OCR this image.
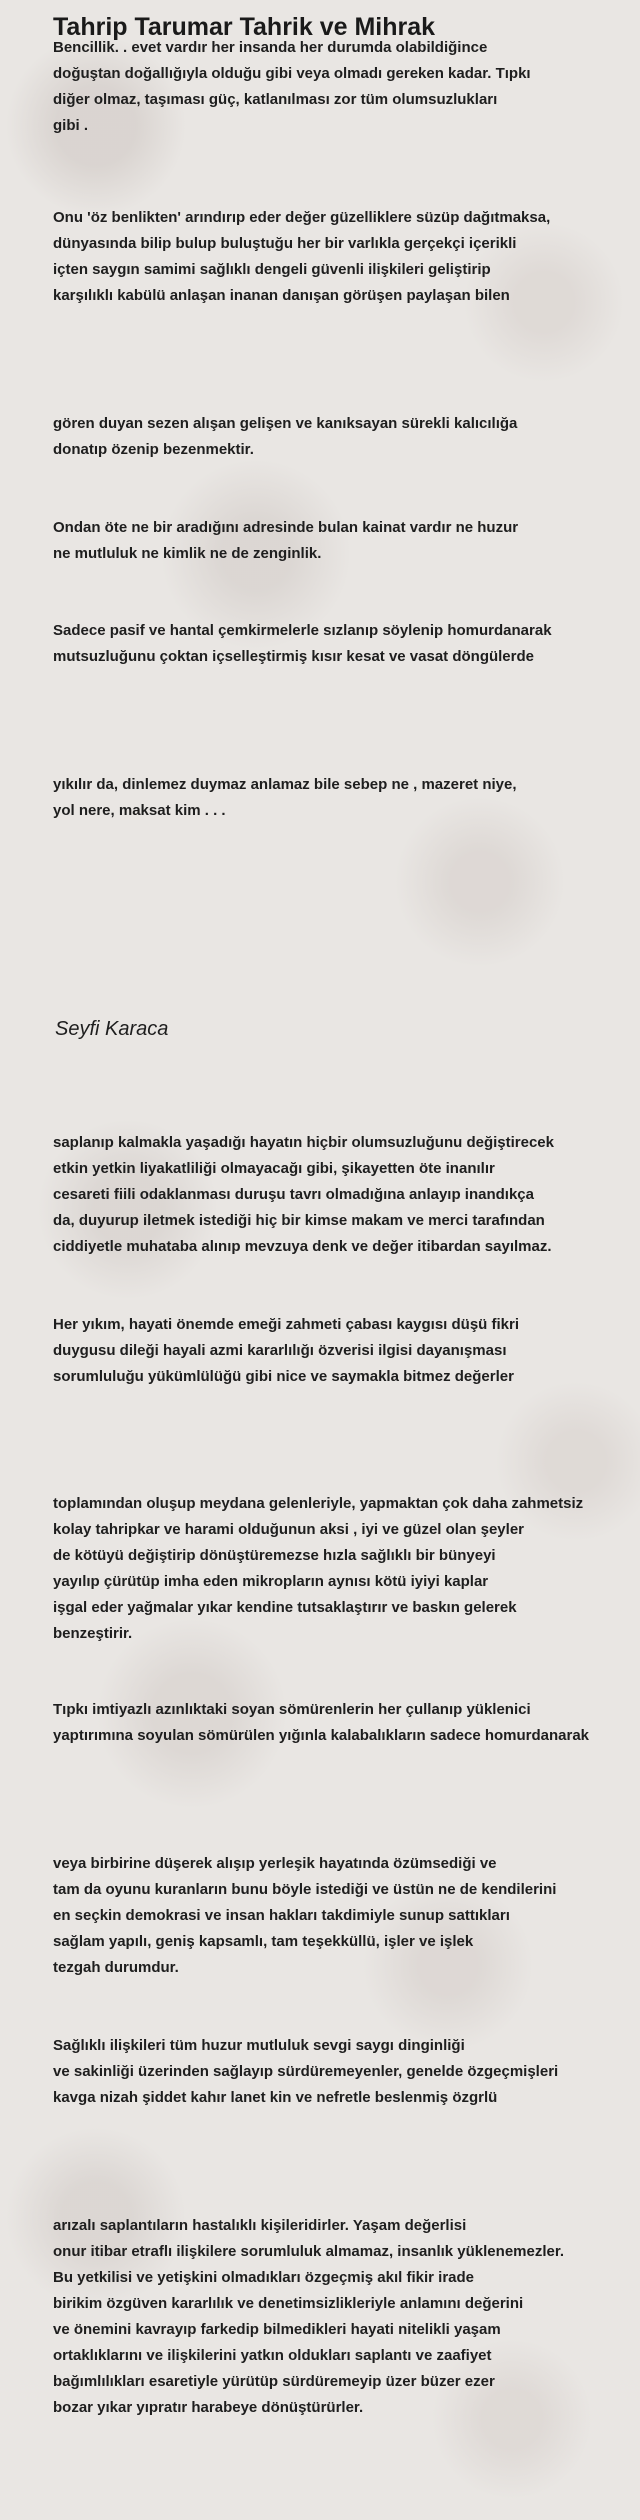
Tahrip Tarumar Tahrik ve Mihrak

Bencillik. . evet vardır her insanda her durumda olabildiğince
doğuştan doğallığıyla olduğu gibi veya olmadı gereken kadar. Tıpkı
diğer olmaz, taşıması güç, katlanılması zor tüm olumsuzlukları
gibi .

Onu 'öz benlikten' arındırıp eder değer güzelliklere süzüp dağıtmaksa,
dünyasında bilip bulup buluştuğu her bir varlıkla gerçekçi içerikli
içten saygın samimi sağlıklı dengeli güvenli ilişkileri geliştirip
karşılıklı kabülü anlaşan inanan danışan görüşen paylaşan bilen

gören duyan sezen alışan gelişen ve kanıksayan sürekli kalıcılığa
donatıp özenip bezenmektir.

Ondan öte ne bir aradığını adresinde bulan kainat vardır ne huzur
ne mutluluk ne kimlik ne de zenginlik.

Sadece pasif ve hantal çemkirmelerle sızlanıp söylenip homurdanarak
mutsuzluğunu çoktan içselleştirmiş kısır kesat ve vasat döngülerde

yıkılır da, dinlemez duymaz anlamaz bile sebep ne , mazeret niye,
yol nere, maksat kim . . .

Seyfi Karaca

saplanıp kalmakla yaşadığı hayatın hiçbir olumsuzluğunu değiştirecek
etkin yetkin liyakatliliği olmayacağı gibi, şikayetten öte inanılır
cesareti fiili odaklanması duruşu tavrı olmadığına anlayıp inandıkça
da, duyurup iletmek istediği hiç bir kimse makam ve merci tarafından
ciddiyetle muhataba alınıp mevzuya denk ve değer itibardan sayılmaz.

Her yıkım, hayati önemde emeği zahmeti çabası kaygısı düşü fikri
duygusu dileği hayali azmi kararlılığı özverisi ilgisi dayanışması
sorumluluğu yükümlülüğü gibi nice ve saymakla bitmez değerler

toplamından oluşup meydana gelenleriyle, yapmaktan çok daha zahmetsiz
kolay tahripkar ve harami olduğunun aksi , iyi ve güzel olan şeyler
de kötüyü değiştirip dönüştüremezse hızla sağlıklı bir bünyeyi
yayılıp çürütüp imha eden mikropların aynısı kötü iyiyi kaplar
işgal eder yağmalar yıkar kendine tutsaklaştırır ve baskın gelerek
benzeştirir.

Tıpkı imtiyazlı azınlıktaki soyan sömürenlerin her çullanıp yüklenici
yaptırımına soyulan sömürülen yığınla kalabalıkların sadece homurdanarak

veya birbirine düşerek alışıp yerleşik hayatında özümsediği ve
tam da oyunu kuranların bunu böyle istediği ve üstün ne de kendilerini
en seçkin demokrasi ve insan hakları takdimiyle sunup sattıkları
sağlam yapılı, geniş kapsamlı, tam teşekküllü, işler ve işlek
tezgah durumdur.

Sağlıklı ilişkileri tüm huzur mutluluk sevgi saygı dinginliği
ve sakinliği üzerinden sağlayıp sürdüremeyenler, genelde özgeçmişleri
kavga nizah şiddet kahır lanet kin ve nefretle beslenmiş özgrlü

arızalı saplantıların hastalıklı kişileridirler. Yaşam değerlisi
onur itibar etraflı ilişkilere sorumluluk almamaz, insanlık yüklenemezler.
Bu yetkilisi ve yetişkini olmadıkları özgeçmiş akıl fikir irade
birikim özgüven kararlılık ve denetimsizlikleriyle anlamını değerini
ve önemini kavrayıp farkedip bilmedikleri hayati nitelikli yaşam
ortaklıklarını ve ilişkilerini yatkın oldukları saplantı ve zaafiyet
bağımlılıkları esaretiyle yürütüp sürdüremeyip üzer büzer ezer
bozar yıkar yıpratır harabeye dönüştürürler.
